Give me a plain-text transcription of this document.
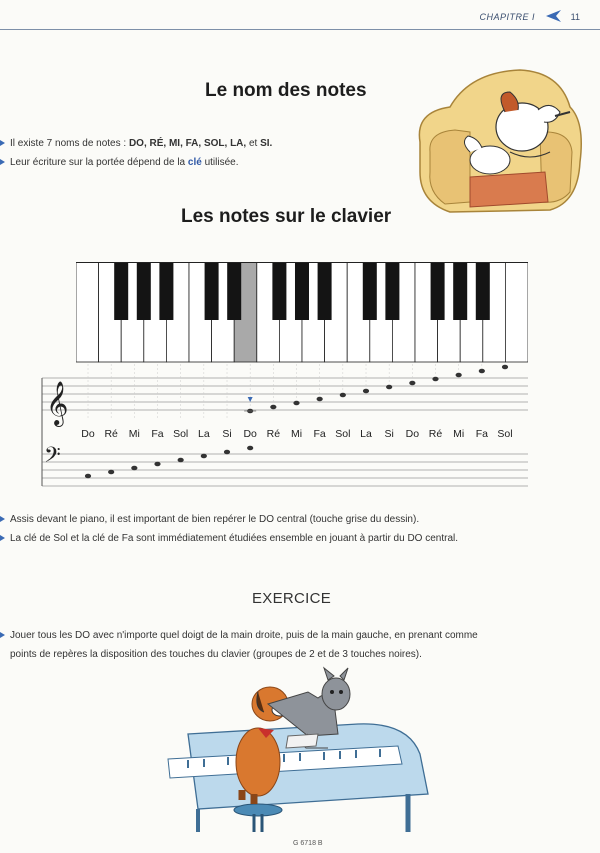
CHAPITRE I	11
Le nom des notes
Il existe 7 noms de notes : DO, RÉ, MI, FA, SOL, LA, et SI.
Leur écriture sur la portée dépend de la clé utilisée.
Les notes sur le clavier
𝄞
𝄢
Do Ré	Mi	Fa Sol La	Si	Do Ré	Mi	Fa Sol La	Si	Do Ré	Mi	Fa Sol
Assis devant le piano, il est important de bien repérer le DO central (touche grise du dessin).
La clé de Sol et la clé de Fa sont immédiatement étudiées ensemble en jouant à partir du DO central.
EXERCICE
Jouer tous les DO avec n'importe quel doigt de la main droite, puis de la main gauche, en prenant comme
points de repères la disposition des touches du clavier (groupes de 2 et de 3 touches noires).
G 6718 B
